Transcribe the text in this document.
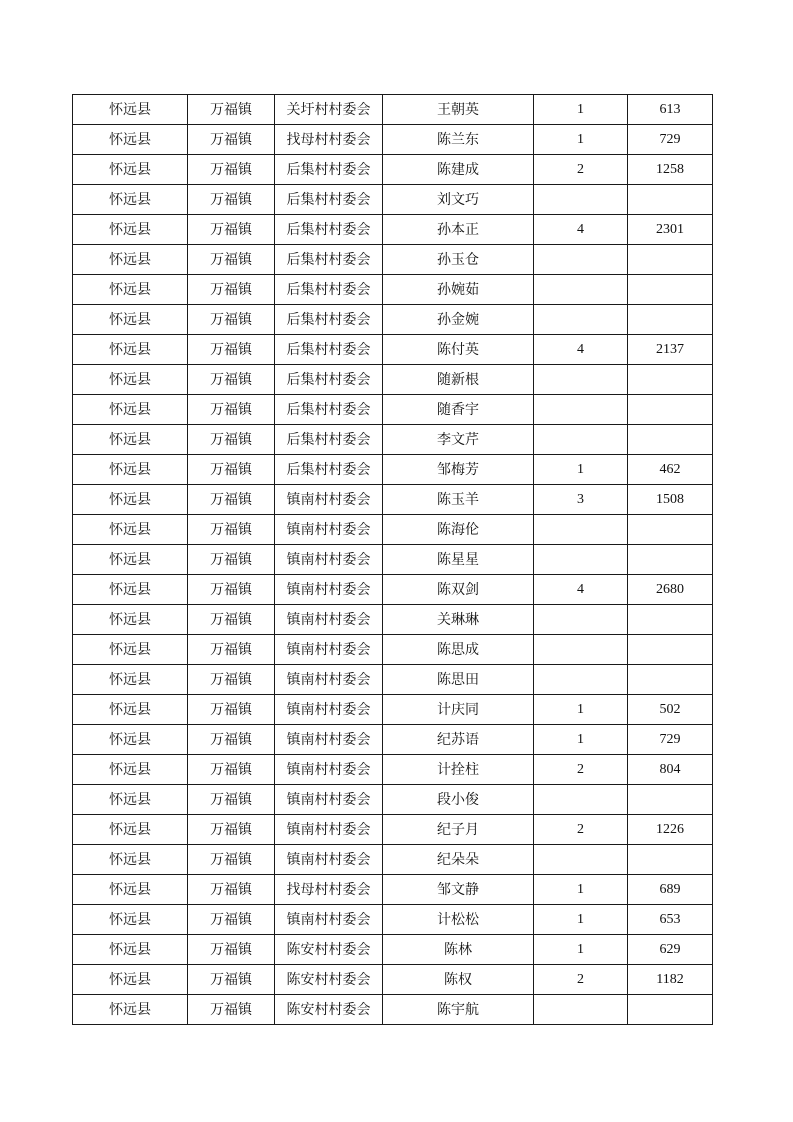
怀远县	万福镇	关圩村村委会	王朝英	1	613
怀远县	万福镇	找母村村委会	陈兰东	1	729
怀远县	万福镇	后集村村委会	陈建成	2	1258
怀远县	万福镇	后集村村委会	刘文巧		
怀远县	万福镇	后集村村委会	孙本正	4	2301
怀远县	万福镇	后集村村委会	孙玉仓		
怀远县	万福镇	后集村村委会	孙婉茹		
怀远县	万福镇	后集村村委会	孙金婉		
怀远县	万福镇	后集村村委会	陈付英	4	2137
怀远县	万福镇	后集村村委会	随新根		
怀远县	万福镇	后集村村委会	随香宇		
怀远县	万福镇	后集村村委会	李文芹		
怀远县	万福镇	后集村村委会	邹梅芳	1	462
怀远县	万福镇	镇南村村委会	陈玉羊	3	1508
怀远县	万福镇	镇南村村委会	陈海伦		
怀远县	万福镇	镇南村村委会	陈星星		
怀远县	万福镇	镇南村村委会	陈双剑	4	2680
怀远县	万福镇	镇南村村委会	关琳琳		
怀远县	万福镇	镇南村村委会	陈思成		
怀远县	万福镇	镇南村村委会	陈思田		
怀远县	万福镇	镇南村村委会	计庆同	1	502
怀远县	万福镇	镇南村村委会	纪苏语	1	729
怀远县	万福镇	镇南村村委会	计拴柱	2	804
怀远县	万福镇	镇南村村委会	段小俊		
怀远县	万福镇	镇南村村委会	纪子月	2	1226
怀远县	万福镇	镇南村村委会	纪朵朵		
怀远县	万福镇	找母村村委会	邹文静	1	689
怀远县	万福镇	镇南村村委会	计松松	1	653
怀远县	万福镇	陈安村村委会	陈林	1	629
怀远县	万福镇	陈安村村委会	陈权	2	1182
怀远县	万福镇	陈安村村委会	陈宇航		
